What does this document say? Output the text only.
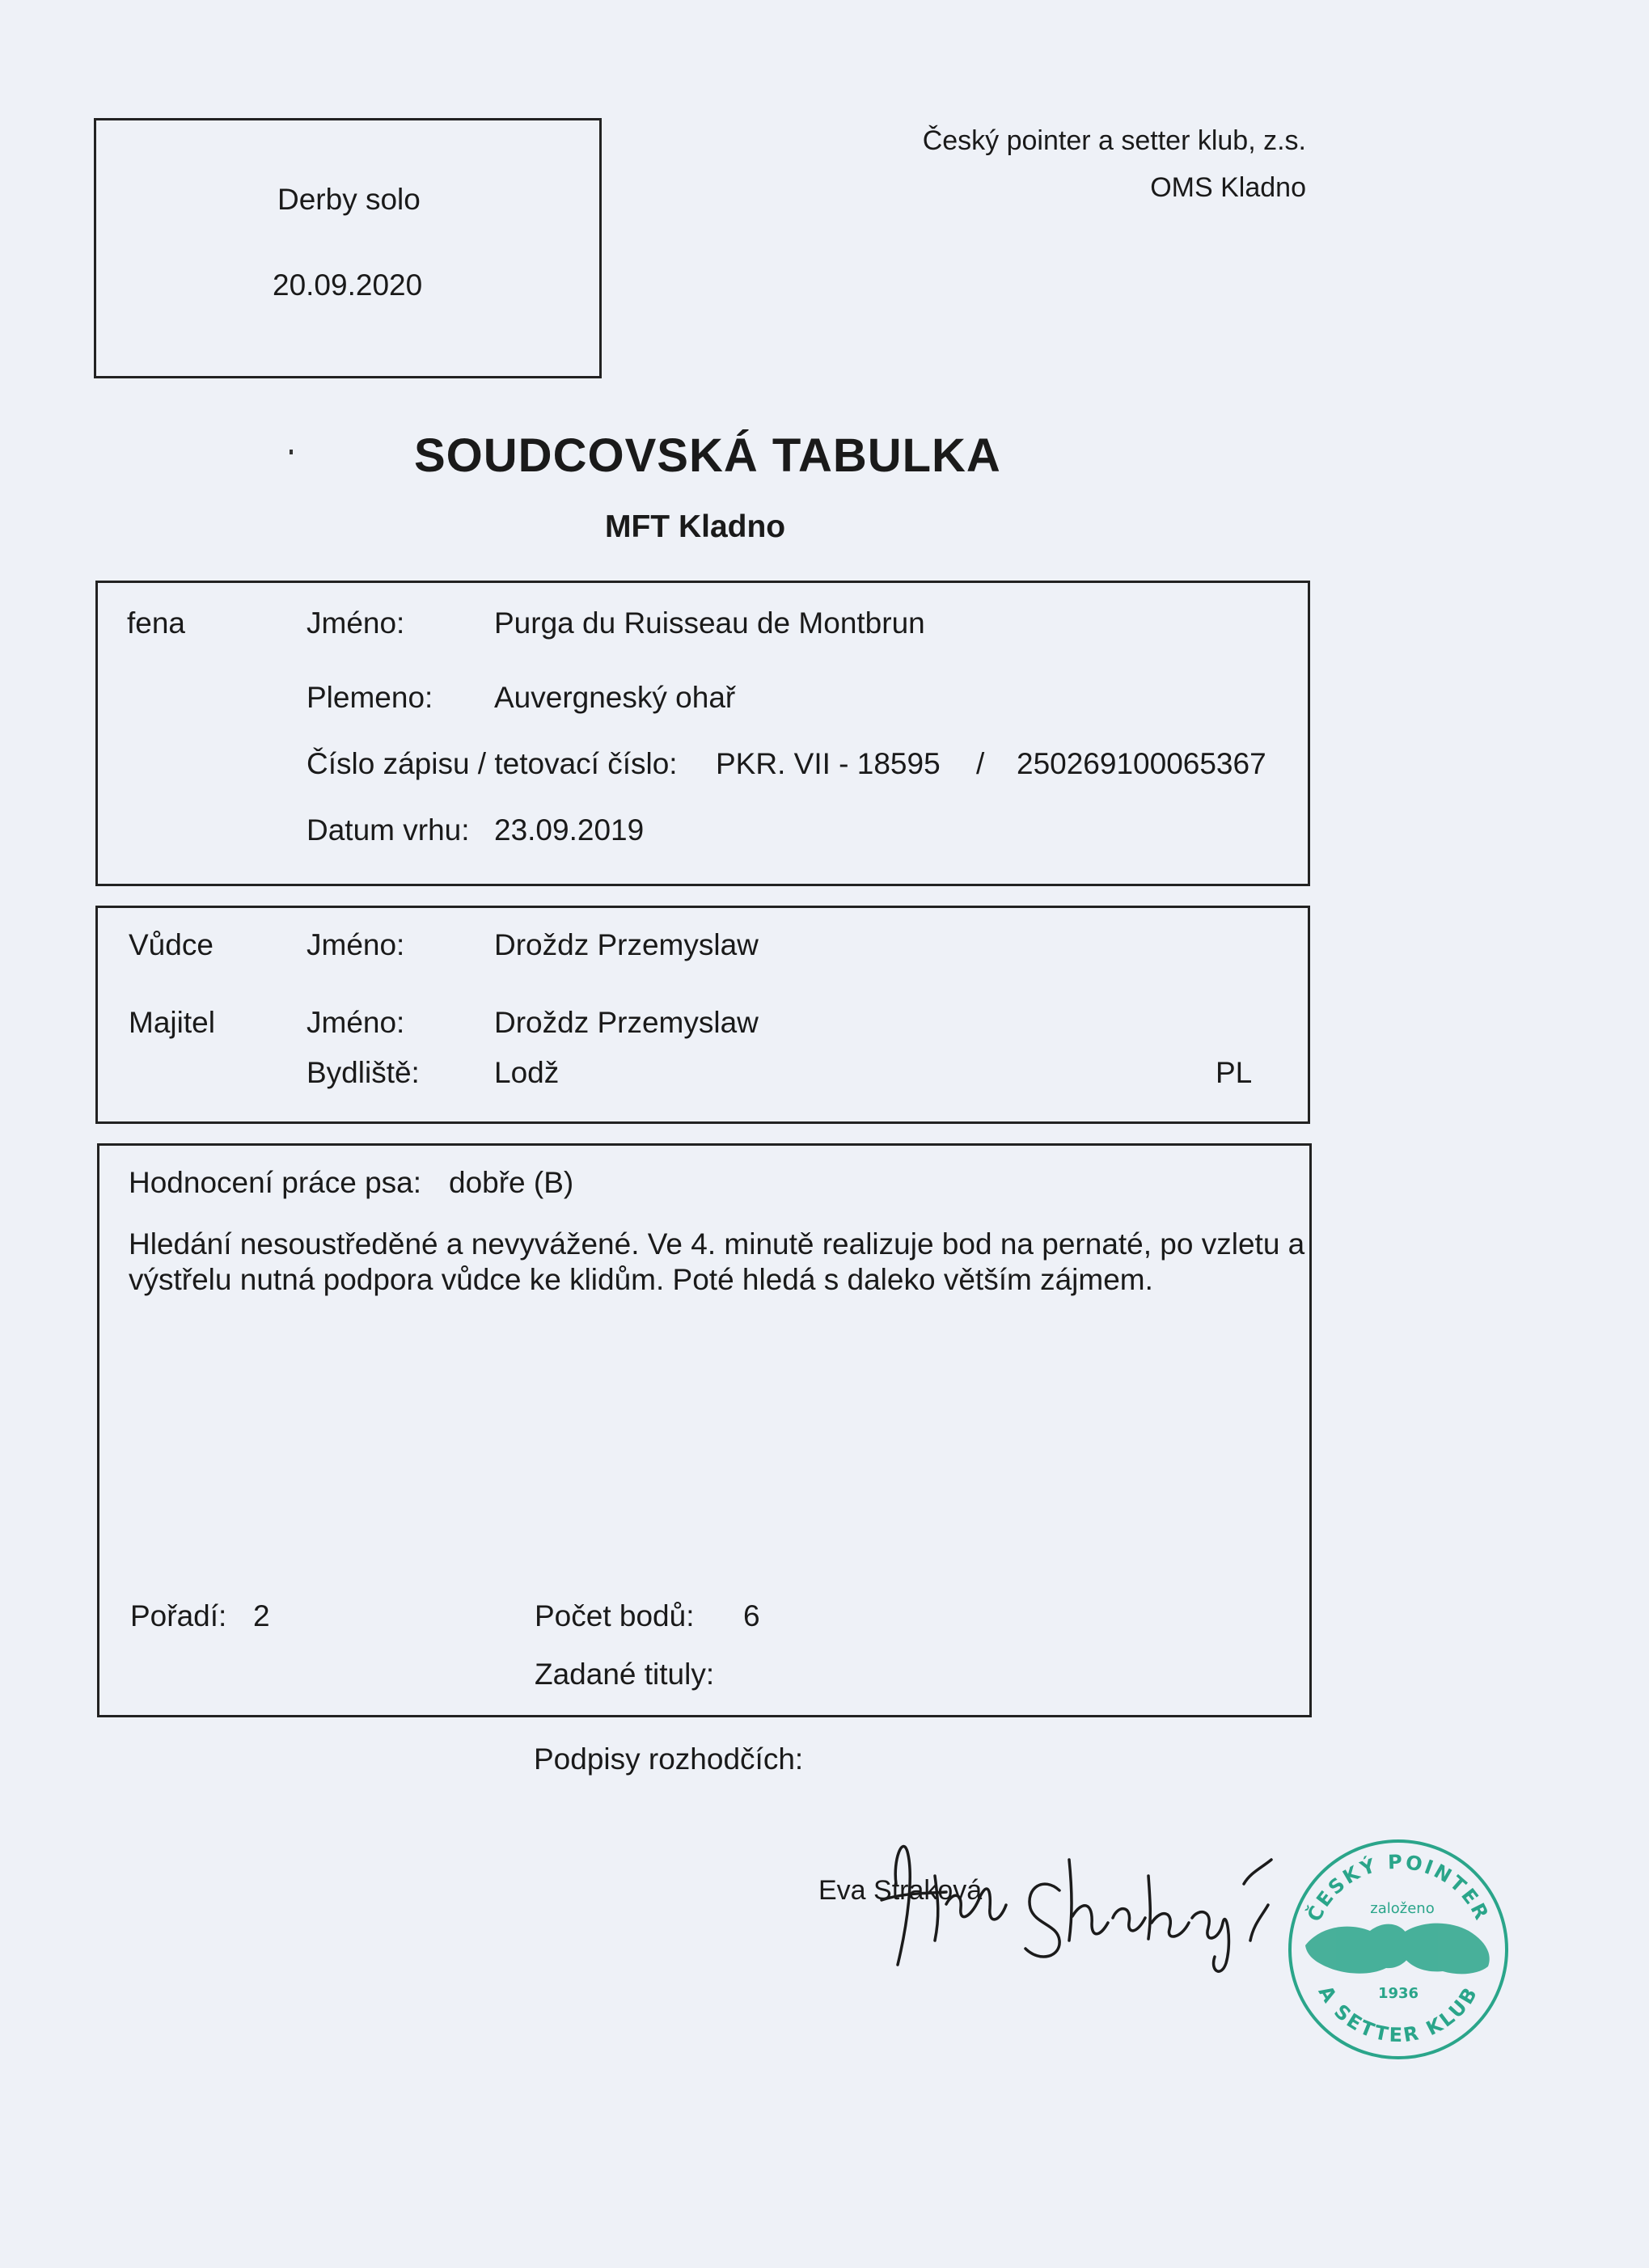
Derby solo
20.09.2020
Český pointer a setter klub, z.s.
OMS Kladno
SOUDCOVSKÁ TABULKA
MFT Kladno
fena	Jméno:	Purga du Ruisseau de Montbrun
Plemeno: Auvergneský ohař
Číslo zápisu / tetovací číslo: PKR. VII - 18595 / 250269100065367
Datum vrhu: 23.09.2019
Vůdce	Jméno:	Droždz Przemyslaw
Majitel	Jméno:	Droždz Przemyslaw
Bydliště: Lodž	PL
Hodnocení práce psa: dobře (B)
Hledání nesoustředěné a nevyvážené. Ve 4. minutě realizuje bod na pernaté, po vzletu a výstřelu nutná podpora vůdce ke klidům. Poté hledá s daleko větším zájmem.
Pořadí: 2	Počet bodů: 6
Zadané tituly:
Podpisy rozhodčích:
Eva Straková
ČESKÝ POINTER
založeno
1936
A SETTER KLUB
